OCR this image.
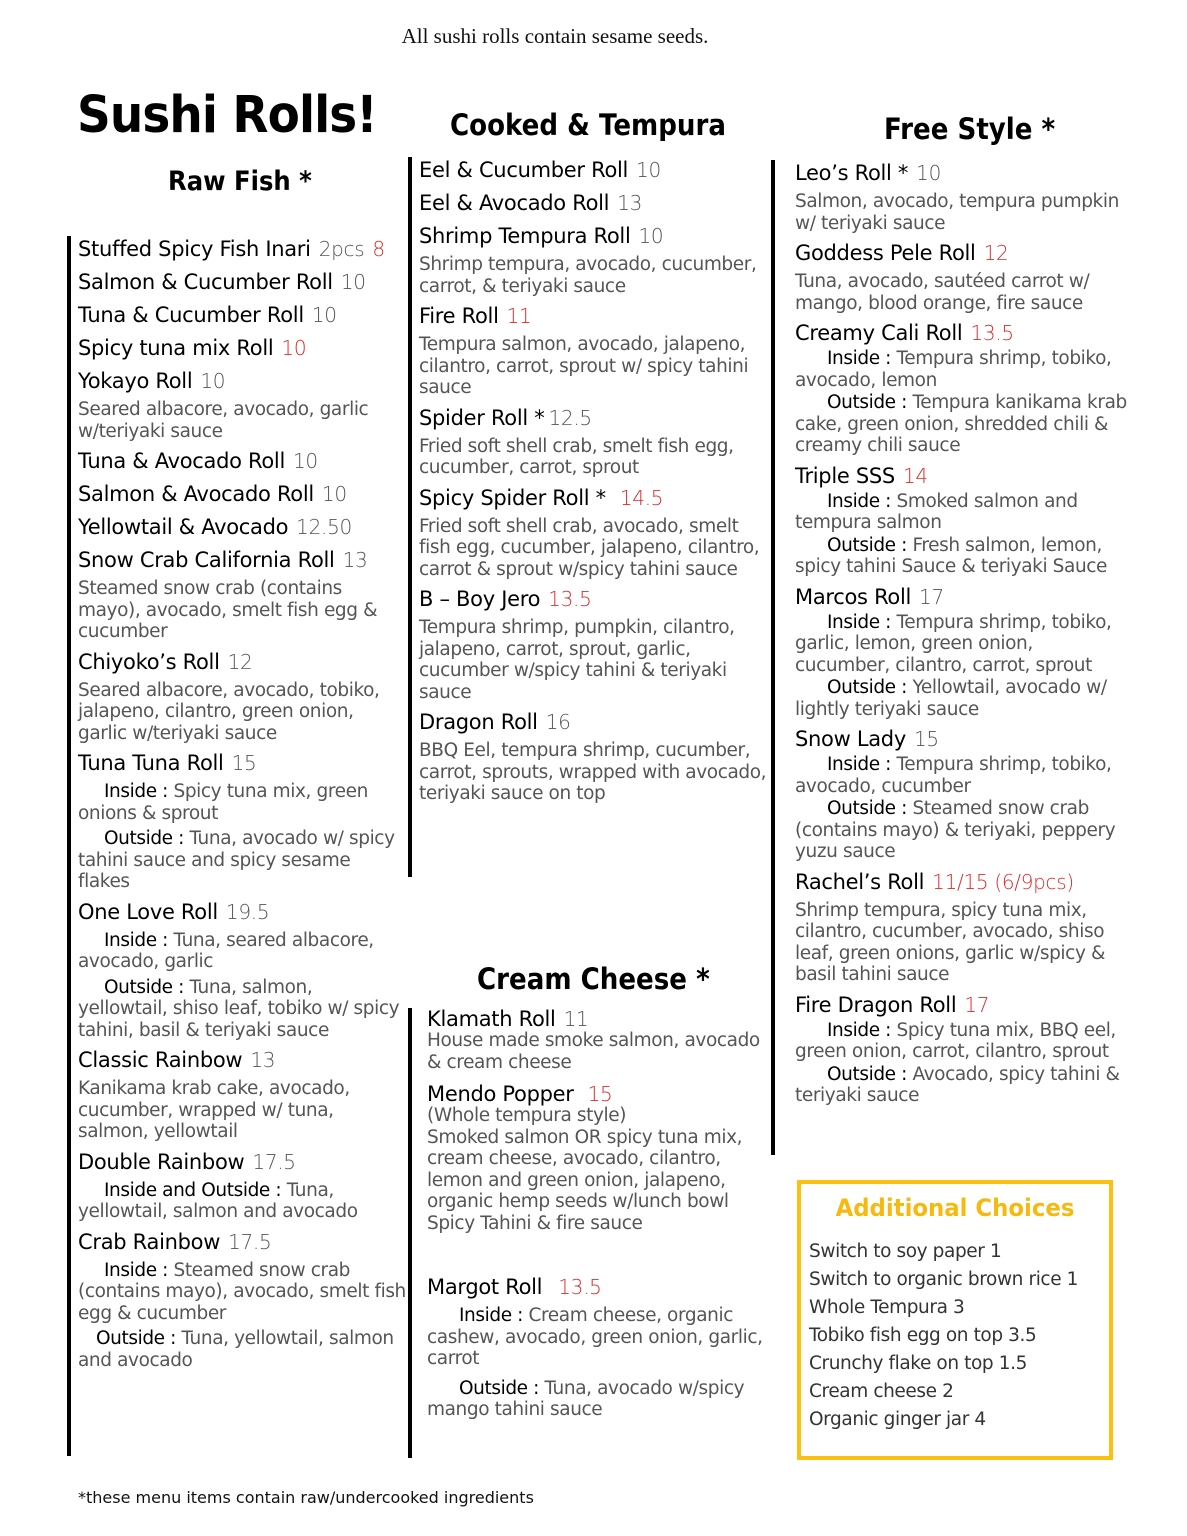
All sushi rolls contain sesame seeds.
Sushi Rolls!
Raw Fish *
Cooked & Tempura	Free Style *
Cream Cheese *
Stuffed Spicy Fish Inari 2pcs 8
Salmon & Cucumber Roll 10
Tuna & Cucumber Roll 10
Spicy tuna mix Roll 10
Yokayo Roll 10
Seared albacore, avocado, garlic w/teriyaki sauce
Tuna & Avocado Roll 10
Salmon & Avocado Roll 10
Yellowtail & Avocado 12.50
Snow Crab California Roll 13
Steamed snow crab (contains mayo), avocado, smelt fish egg & cucumber
Chiyoko’s Roll 12
Seared albacore, avocado, tobiko, jalapeno, cilantro, green onion, garlic w/teriyaki sauce
Tuna Tuna Roll 15
Inside : Spicy tuna mix, green onions & sprout
Outside : Tuna, avocado w/ spicy tahini sauce and spicy sesame flakes
One Love Roll 19.5
Inside : Tuna, seared albacore, avocado, garlic
Outside : Tuna, salmon, yellowtail, shiso leaf, tobiko w/ spicy tahini, basil & teriyaki sauce
Classic Rainbow 13
Kanikama krab cake, avocado, cucumber, wrapped w/ tuna, salmon, yellowtail
Double Rainbow 17.5
Inside and Outside : Tuna, yellowtail, salmon and avocado
Crab Rainbow 17.5
Inside : Steamed snow crab (contains mayo), avocado, smelt fish egg & cucumber
Outside : Tuna, yellowtail, salmon and avocado
Eel & Cucumber Roll 10
Eel & Avocado Roll 13
Shrimp Tempura Roll 10
Shrimp tempura, avocado, cucumber, carrot, & teriyaki sauce
Fire Roll 11
Tempura salmon, avocado, jalapeno, cilantro, carrot, sprout w/ spicy tahini sauce
Spider Roll * 12.5
Fried soft shell crab, smelt fish egg, cucumber, carrot, sprout
Spicy Spider Roll * 14.5
Fried soft shell crab, avocado, smelt fish egg, cucumber, jalapeno, cilantro, carrot & sprout w/spicy tahini sauce
B – Boy Jero 13.5
Tempura shrimp, pumpkin, cilantro, jalapeno, carrot, sprout, garlic, cucumber w/spicy tahini & teriyaki sauce
Dragon Roll 16
BBQ Eel, tempura shrimp, cucumber, carrot, sprouts, wrapped with avocado, teriyaki sauce on top
Klamath Roll 11
House made smoke salmon, avocado & cream cheese
Mendo Popper 15
(Whole tempura style)
Smoked salmon OR spicy tuna mix, cream cheese, avocado, cilantro, lemon and green onion, jalapeno, organic hemp seeds w/lunch bowl Spicy Tahini & fire sauce
Margot Roll 13.5
Inside : Cream cheese, organic cashew, avocado, green onion, garlic, carrot
Outside : Tuna, avocado w/spicy mango tahini sauce
Leo’s Roll * 10
Salmon, avocado, tempura pumpkin w/ teriyaki sauce
Goddess Pele Roll 12
Tuna, avocado, sautéed carrot w/ mango, blood orange, fire sauce
Creamy Cali Roll 13.5
Inside : Tempura shrimp, tobiko, avocado, lemon
Outside : Tempura kanikama krab cake, green onion, shredded chili & creamy chili sauce
Triple SSS 14
Inside : Smoked salmon and tempura salmon
Outside : Fresh salmon, lemon, spicy tahini Sauce & teriyaki Sauce
Marcos Roll 17
Inside : Tempura shrimp, tobiko, garlic, lemon, green onion, cucumber, cilantro, carrot, sprout
Outside : Yellowtail, avocado w/ lightly teriyaki sauce
Snow Lady 15
Inside : Tempura shrimp, tobiko, avocado, cucumber
Outside : Steamed snow crab (contains mayo) & teriyaki, peppery yuzu sauce
Rachel’s Roll 11/15 (6/9pcs)
Shrimp tempura, spicy tuna mix, cilantro, cucumber, avocado, shiso leaf, green onions, garlic w/spicy & basil tahini sauce
Fire Dragon Roll 17
Inside : Spicy tuna mix, BBQ eel, green onion, carrot, cilantro, sprout
Outside : Avocado, spicy tahini & teriyaki sauce
Additional Choices
Switch to soy paper 1
Switch to organic brown rice 1
Whole Tempura 3
Tobiko fish egg on top 3.5
Crunchy flake on top 1.5
Cream cheese 2
Organic ginger jar 4
*these menu items contain raw/undercooked ingredients
